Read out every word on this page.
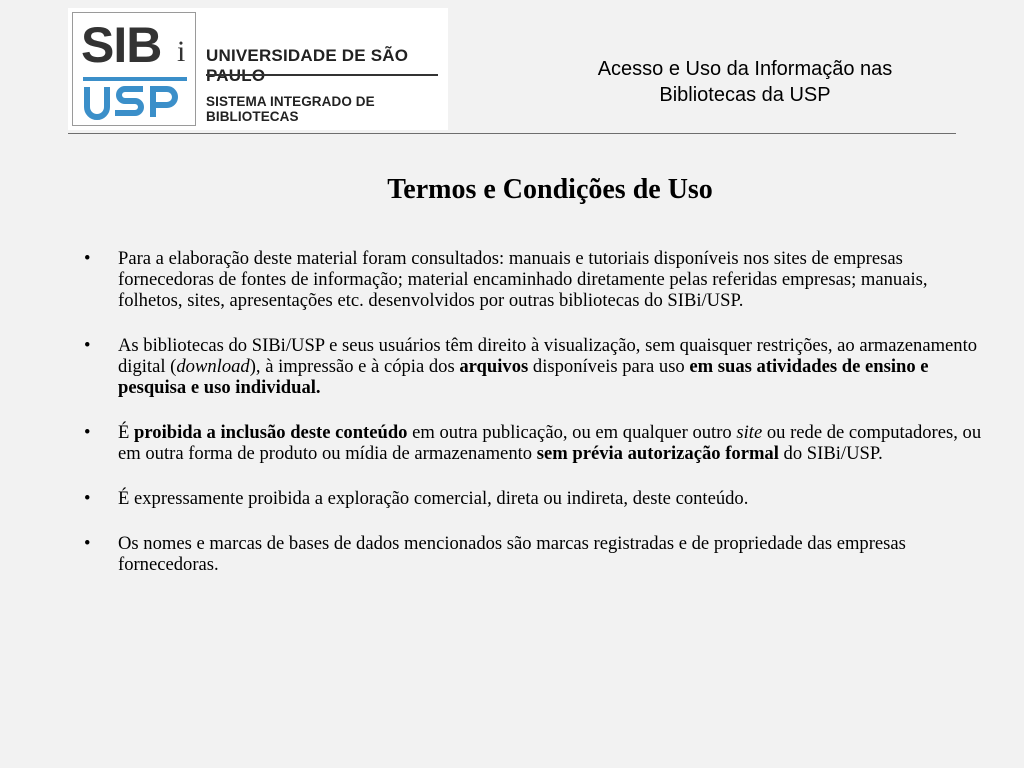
SIB i UNIVERSIDADE DE SÃO
SISTEMA INTEGRADO DE BIBLIOTECAS
Acesso e Uso da Informação nas
Bibliotecas da USP
Termos e Condições de Uso
• Para a elaboração deste material foram consultados: manuais e tutoriais disponíveis nos sites de empresas fornecedoras de fontes de informação; material encaminhado diretamente pelas referidas empresas; manuais, folhetos, sites, apresentações etc. desenvolvidos por outras bibliotecas do SIBi/USP.
• As bibliotecas do SIBi/USP e seus usuários têm direito à visualização, sem quaisquer restrições, ao armazenamento digital (download), à impressão e à cópia dos arquivos disponíveis para uso em suas atividades de ensino e pesquisa e uso individual.
• É proibida a inclusão deste conteúdo em outra publicação, ou em qualquer outro site ou rede de computadores, ou em outra forma de produto ou mídia de armazenamento sem prévia autorização formal do SIBi/USP.
• É expressamente proibida a exploração comercial, direta ou indireta, deste conteúdo.
• Os nomes e marcas de bases de dados mencionados são marcas registradas e de propriedade das empresas fornecedoras.
